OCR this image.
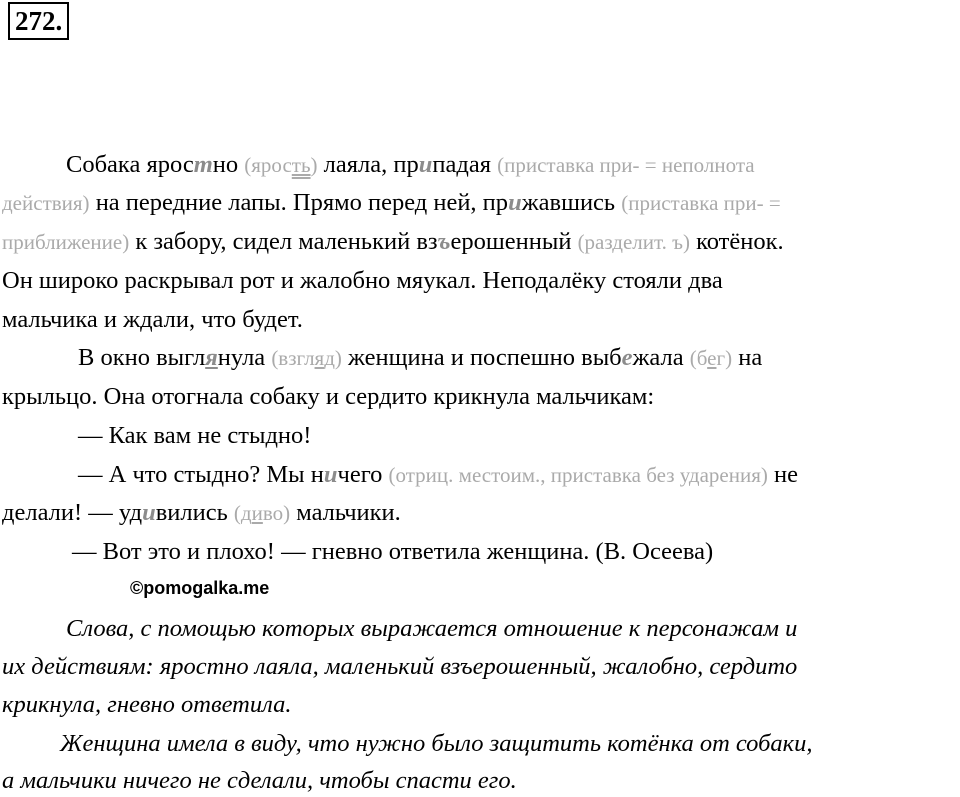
272.
Собака яростно (ярость) лаяла, припадая (приставка при- = неполнота
действия) на передние лапы. Прямо перед ней, прижавшись (приставка при- =
приближение) к забору, сидел маленький взъерошенный (разделит. ъ) котёнок.
Он широко раскрывал рот и жалобно мяукал. Неподалёку стояли два
мальчика и ждали, что будет.
В окно выглянула (взгляд) женщина и поспешно выбежала (бег) на
крыльцо. Она отогнала собаку и сердито крикнула мальчикам:
— Как вам не стыдно!
— А что стыдно? Мы ничего (отриц. местоим., приставка без ударения) не
делали! — удивились (диво) мальчики.
— Вот это и плохо! — гневно ответила женщина. (В. Осеева)
©pomogalka.me
Слова, с помощью которых выражается отношение к персонажам и
их действиям: яростно лаяла, маленький взъерошенный, жалобно, сердито
крикнула, гневно ответила.
Женщина имела в виду, что нужно было защитить котёнка от собаки,
а мальчики ничего не сделали, чтобы спасти его.
